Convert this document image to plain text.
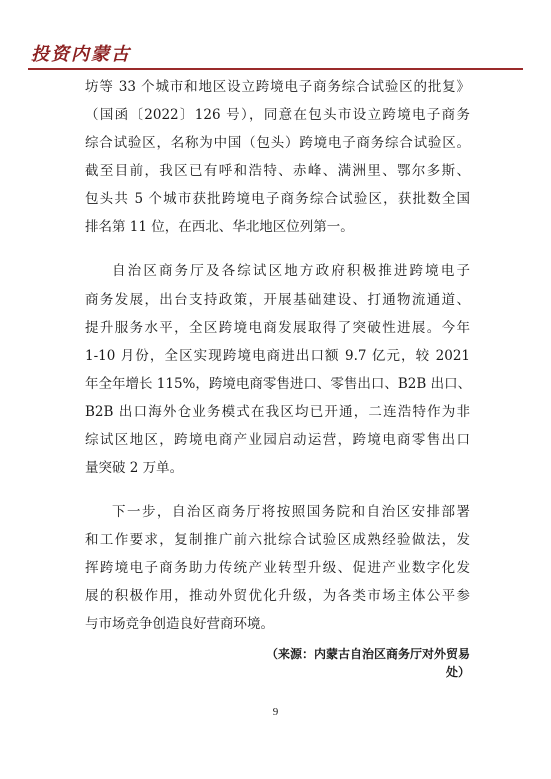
投资内蒙古
坊等 33 个城市和地区设立跨境电子商务综合试验区的批复》
（国函〔2022〕126 号），同意在包头市设立跨境电子商务
综合试验区，名称为中国（包头）跨境电子商务综合试验区。
截至目前，我区已有呼和浩特、赤峰、满洲里、鄂尔多斯、
包头共 5 个城市获批跨境电子商务综合试验区，获批数全国
排名第 11 位，在西北、华北地区位列第一。
自治区商务厅及各综试区地方政府积极推进跨境电子
商务发展，出台支持政策，开展基础建设、打通物流通道、
提升服务水平，全区跨境电商发展取得了突破性进展。今年
1-10 月份，全区实现跨境电商进出口额 9.7 亿元，较 2021
年全年增长 115%，跨境电商零售进口、零售出口、B2B 出口、
B2B 出口海外仓业务模式在我区均已开通，二连浩特作为非
综试区地区，跨境电商产业园启动运营，跨境电商零售出口
量突破 2 万单。
下一步，自治区商务厅将按照国务院和自治区安排部署
和工作要求，复制推广前六批综合试验区成熟经验做法，发
挥跨境电子商务助力传统产业转型升级、促进产业数字化发
展的积极作用，推动外贸优化升级，为各类市场主体公平参
与市场竞争创造良好营商环境。
（来源：内蒙古自治区商务厅对外贸易处）
9
